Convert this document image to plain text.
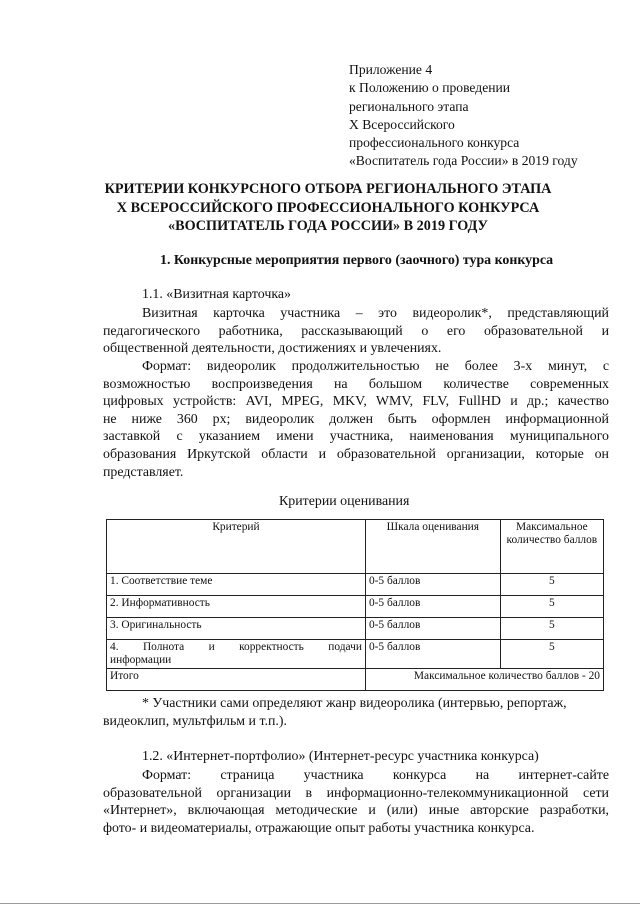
Приложение 4
к Положению о проведении
регионального этапа
X Всероссийского
профессионального конкурса
«Воспитатель года России» в 2019 году
КРИТЕРИИ КОНКУРСНОГО ОТБОРА РЕГИОНАЛЬНОГО ЭТАПА
X ВСЕРОССИЙСКОГО ПРОФЕССИОНАЛЬНОГО КОНКУРСА
«ВОСПИТАТЕЛЬ ГОДА РОССИИ» В 2019 ГОДУ
1. Конкурсные мероприятия первого (заочного) тура конкурса
1.1. «Визитная карточка»
Визитная карточка участника – это видеоролик*, представляющий
педагогического работника, рассказывающий о его образовательной и
общественной деятельности, достижениях и увлечениях.
Формат: видеоролик продолжительностью не более 3-х минут, с
возможностью воспроизведения на большом количестве современных
цифровых устройств: AVI, MPEG, MKV, WMV, FLV, FullHD и др.; качество
не ниже 360 px; видеоролик должен быть оформлен информационной
заставкой с указанием имени участника, наименования муниципального
образования Иркутской области и образовательной организации, которые он
представляет.
Критерии оценивания
Критерий	Шкала оценивания	Максимальное количество баллов
1. Соответствие теме	0-5 баллов	5
2. Информативность	0-5 баллов	5
3. Оригинальность	0-5 баллов	5

4. Полнота и корректность подачи
информации	0-5 баллов	5
Итого	Максимальное количество баллов - 20	
* Участники сами определяют жанр видеоролика (интервью, репортаж,
видеоклип, мультфильм и т.п.).
1.2. «Интернет-портфолио» (Интернет-ресурс участника конкурса)
Формат: страница участника конкурса на интернет-сайте
образовательной организации в информационно-телекоммуникационной сети
«Интернет», включающая методические и (или) иные авторские разработки,
фото- и видеоматериалы, отражающие опыт работы участника конкурса.
